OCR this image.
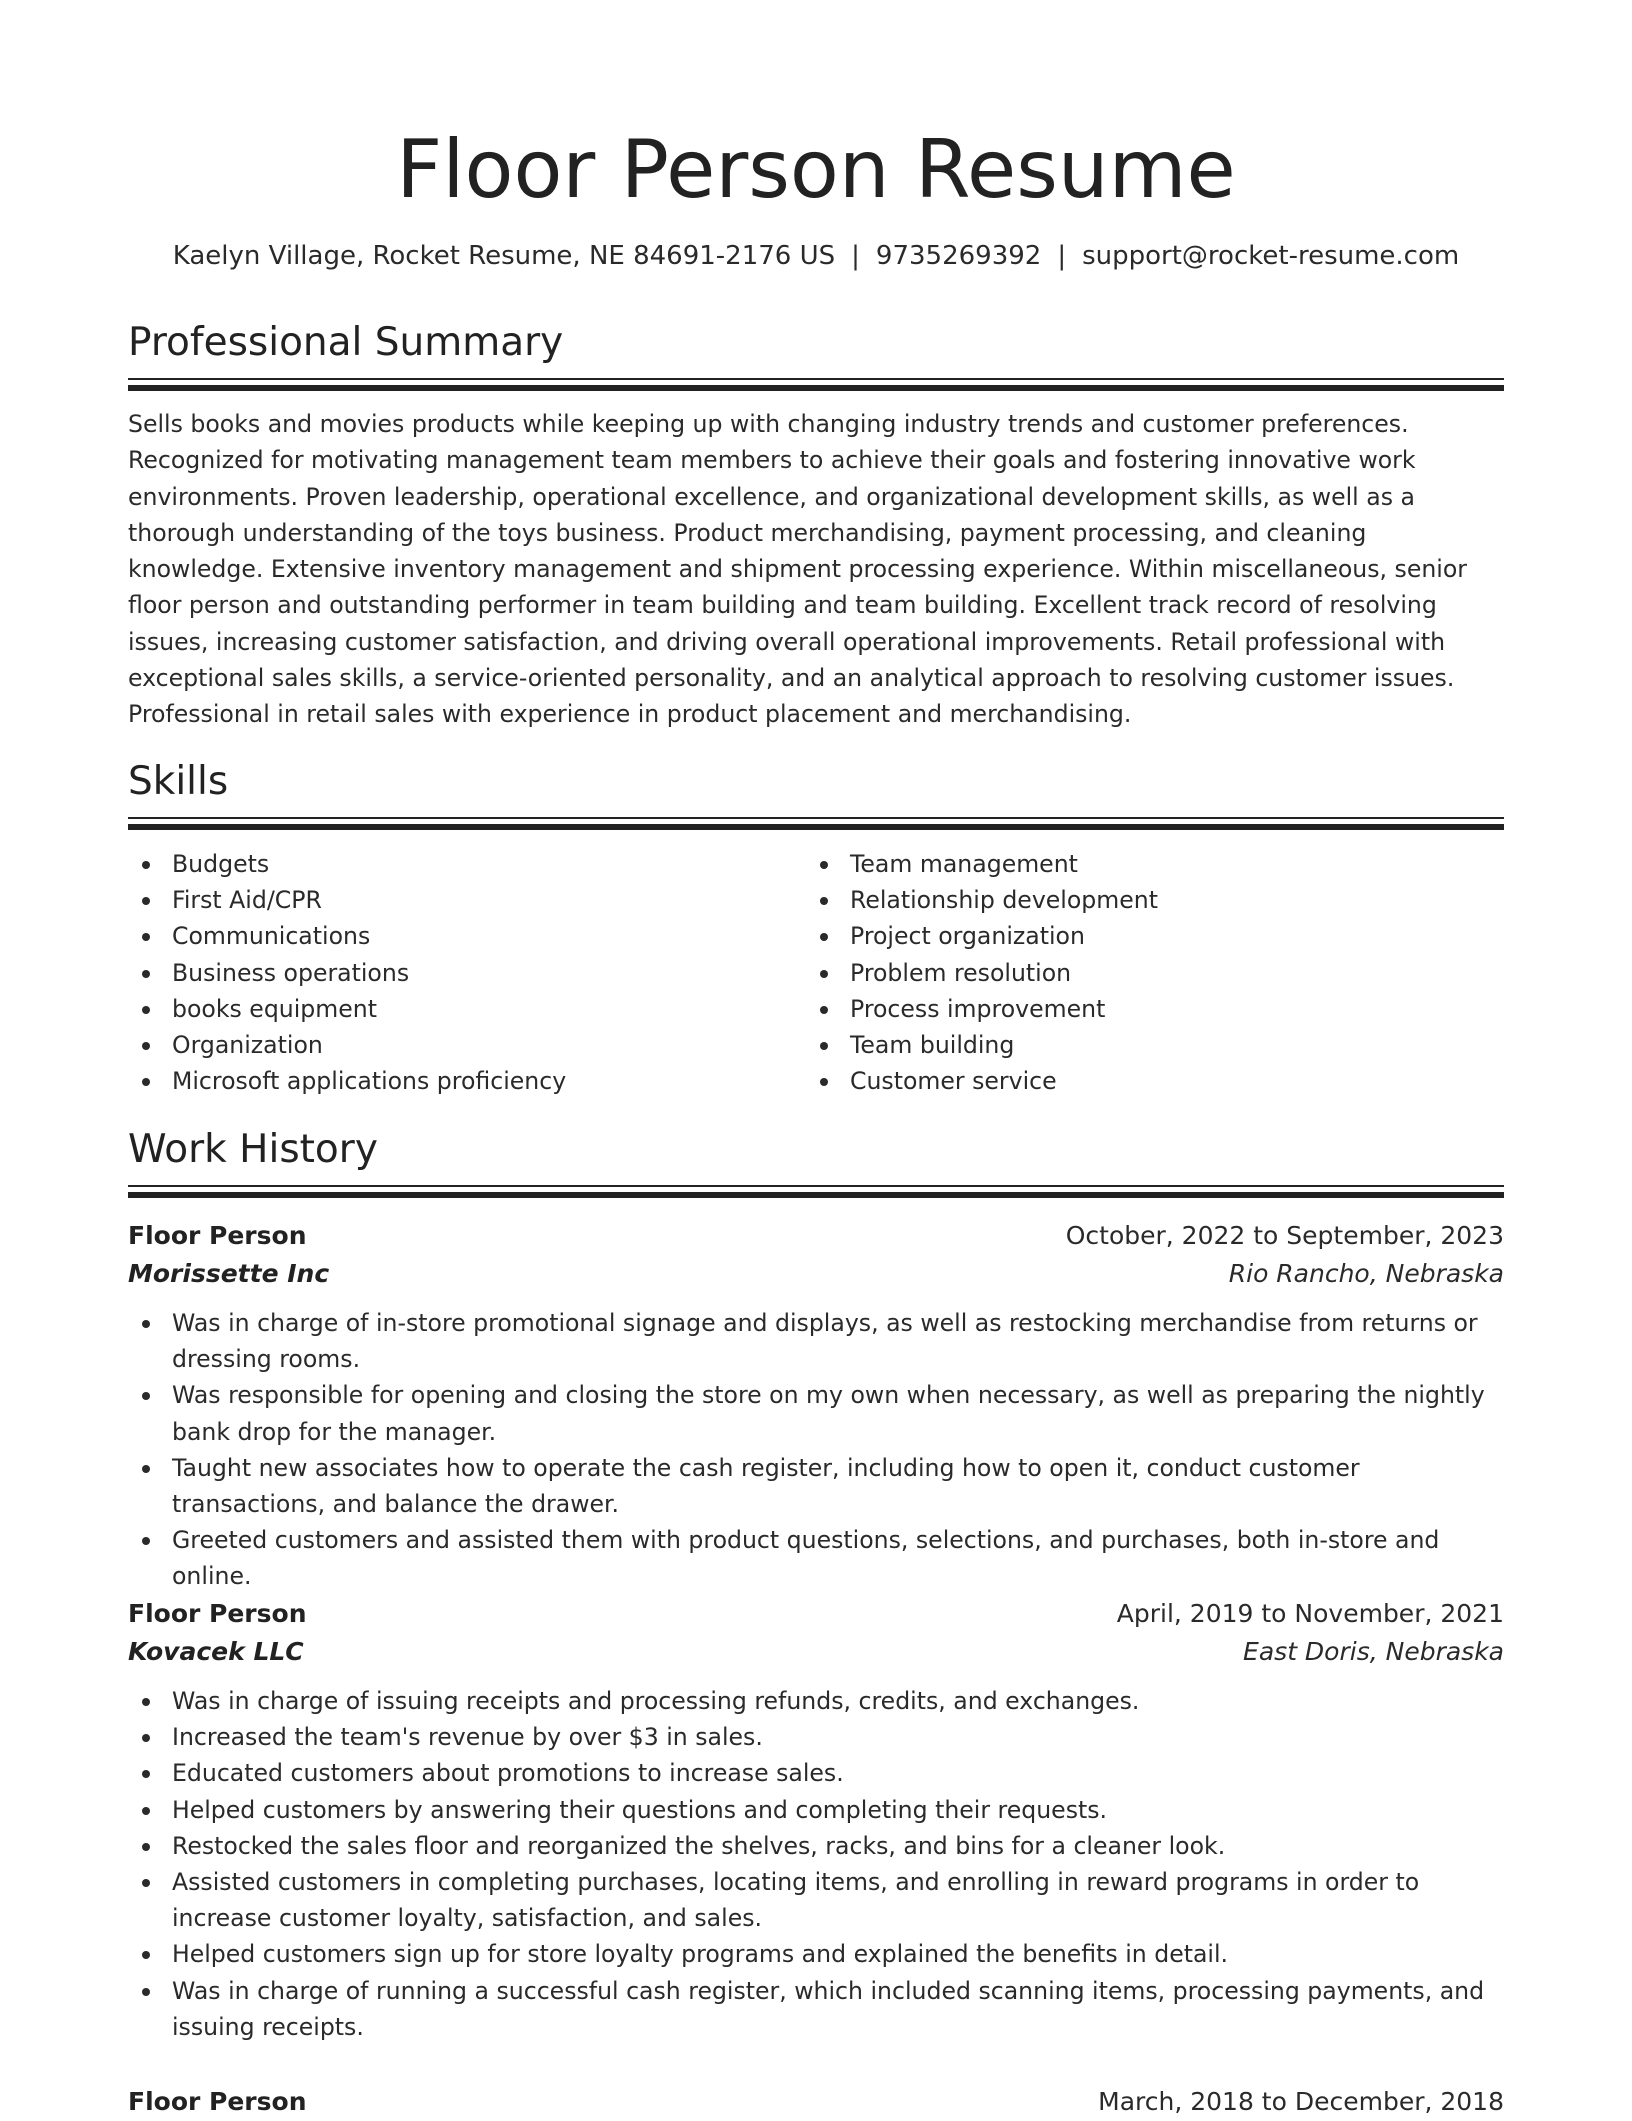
Floor Person Resume
Kaelyn Village, Rocket Resume, NE 84691-2176 US | 9735269392 | support@rocket-resume.com
Professional Summary

Sells books and movies products while keeping up with changing industry trends and customer preferences. Recognized for motivating management team members to achieve their goals and fostering innovative work environments. Proven leadership, operational excellence, and organizational development skills, as well as a thorough understanding of the toys business. Product merchandising, payment processing, and cleaning knowledge. Extensive inventory management and shipment processing experience. Within miscellaneous, senior floor person and outstanding performer in team building and team building. Excellent track record of resolving issues, increasing customer satisfaction, and driving overall operational improvements. Retail professional with exceptional sales skills, a service-oriented personality, and an analytical approach to resolving customer issues. Professional in retail sales with experience in product placement and merchandising.

Skills
Budgets
First Aid/CPR
Communications
Business operations
books equipment
Organization
Microsoft applications proficiency
Team management
Relationship development
Project organization
Problem resolution
Process improvement
Team building
Customer service
Work History
Floor Person	October, 2022 to September, 2023
Morissette Inc	Rio Rancho, Nebraska
Was in charge of in-store promotional signage and displays, as well as restocking merchandise from returns or dressing rooms.
Was responsible for opening and closing the store on my own when necessary, as well as preparing the nightly bank drop for the manager.
Taught new associates how to operate the cash register, including how to open it, conduct customer transactions, and balance the drawer.
Greeted customers and assisted them with product questions, selections, and purchases, both in-store and online.
Floor Person	April, 2019 to November, 2021
Kovacek LLC	East Doris, Nebraska
Was in charge of issuing receipts and processing refunds, credits, and exchanges.
Increased the team's revenue by over $3 in sales.
Educated customers about promotions to increase sales.
Helped customers by answering their questions and completing their requests.
Restocked the sales floor and reorganized the shelves, racks, and bins for a cleaner look.
Assisted customers in completing purchases, locating items, and enrolling in reward programs in order to increase customer loyalty, satisfaction, and sales.
Helped customers sign up for store loyalty programs and explained the benefits in detail.
Was in charge of running a successful cash register, which included scanning items, processing payments, and issuing receipts.
Floor Person	March, 2018 to December, 2018
